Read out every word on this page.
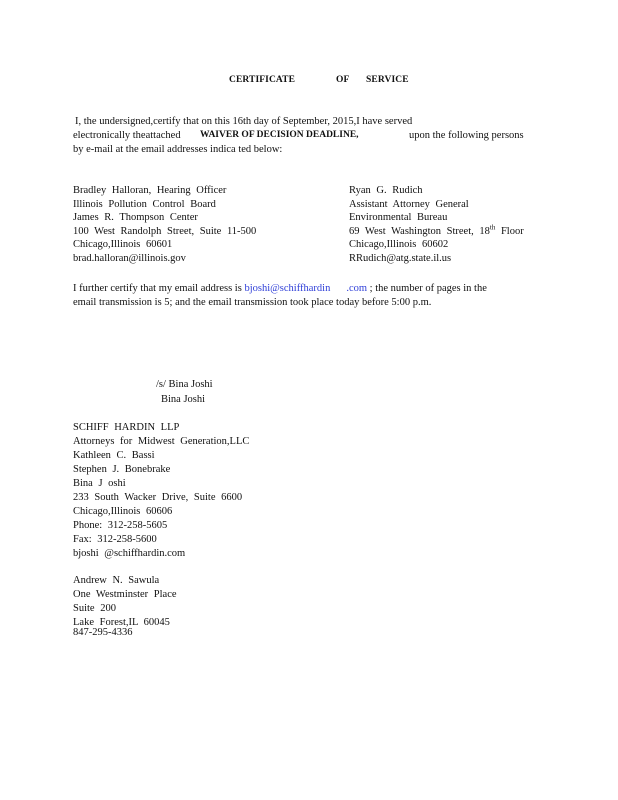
CERTIFICATE	OF SERVICE
I, the undersigned,certify that on this 16th day of September, 2015,I have served
electronically theattached WAIVER OF DECISION DEADLINE,	upon the following persons
by e-mail at the email addresses indica ted below:
Bradley Halloran, Hearing Officer
Illinois Pollution Control Board
James R. Thompson Center
100 West Randolph Street, Suite 11-500
Chicago,Illinois 60601
brad.halloran@illinois.gov
Ryan G. Rudich
Assistant Attorney General
Environmental Bureau
69 West Washington Street, 18th Floor
Chicago,Illinois 60602
RRudich@atg.state.il.us
I further certify that my email address is bjoshi@schiffhardin .com ; the number of pages in the
email transmission is 5; and the email transmission took place today before 5:00 p.m.
/s/ Bina Joshi
Bina Joshi
SCHIFF HARDIN LLP
Attorneys for Midwest Generation,LLC
Kathleen C. Bassi
Stephen J. Bonebrake
Bina J oshi
233 South Wacker Drive, Suite 6600
Chicago,Illinois 60606
Phone: 312-258-5605
Fax: 312-258-5600
bjoshi @schiffhardin.com
Andrew N. Sawula
One Westminster Place
Suite 200
Lake Forest,IL 60045
847-295-4336
